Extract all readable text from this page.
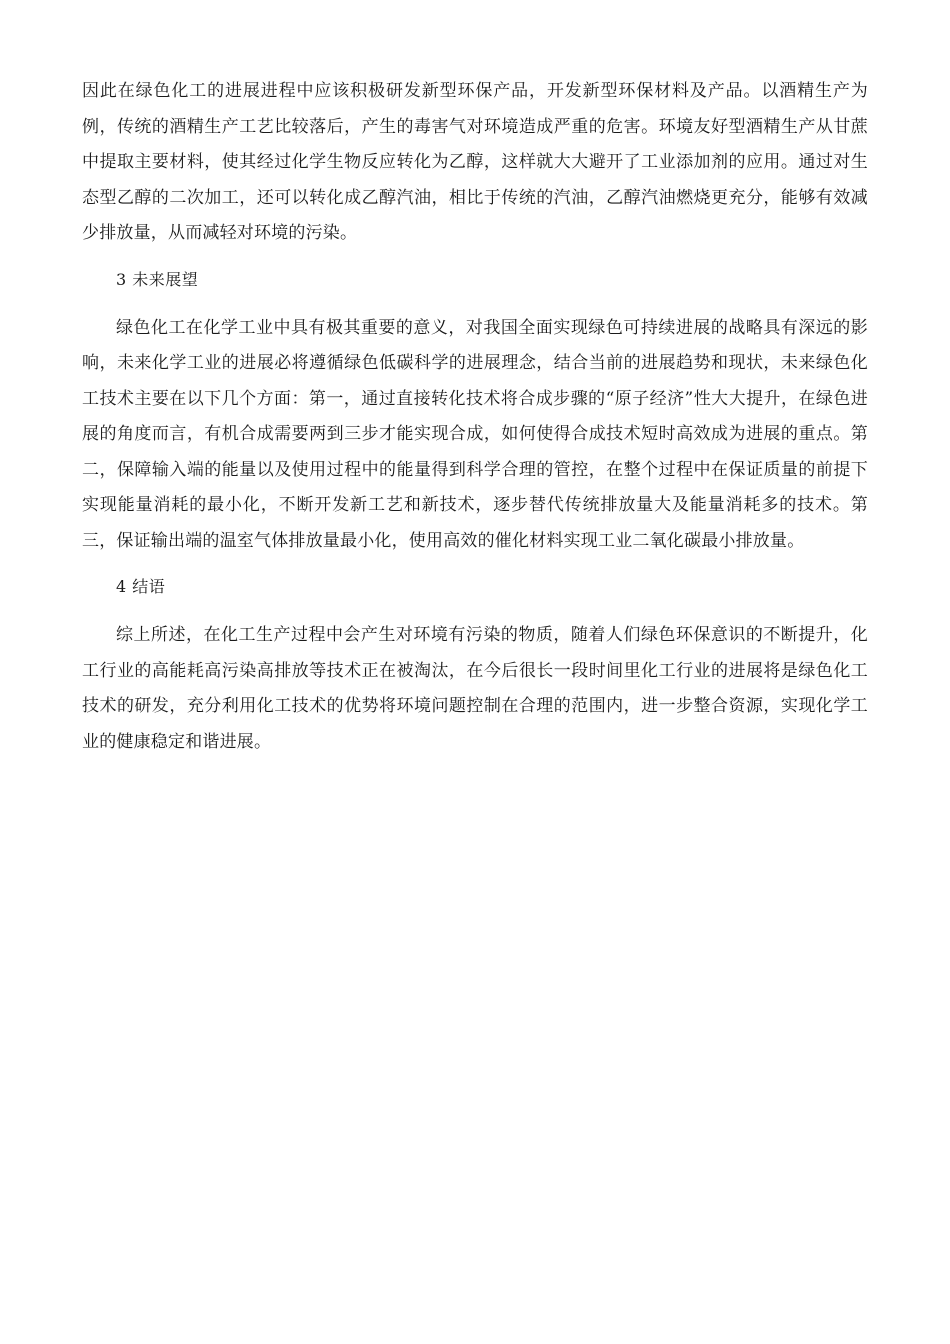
因此在绿色化工的进展进程中应该积极研发新型环保产品，开发新型环保材料及产品。以酒精生产为例，传统的酒精生产工艺比较落后，产生的毒害气对环境造成严重的危害。环境友好型酒精生产从甘蔗中提取主要材料，使其经过化学生物反应转化为乙醇，这样就大大避开了工业添加剂的应用。通过对生态型乙醇的二次加工，还可以转化成乙醇汽油，相比于传统的汽油，乙醇汽油燃烧更充分，能够有效减少排放量，从而减轻对环境的污染。

3 未来展望

绿色化工在化学工业中具有极其重要的意义，对我国全面实现绿色可持续进展的战略具有深远的影响，未来化学工业的进展必将遵循绿色低碳科学的进展理念，结合当前的进展趋势和现状，未来绿色化工技术主要在以下几个方面：第一，通过直接转化技术将合成步骤的“原子经济”性大大提升，在绿色进展的角度而言，有机合成需要两到三步才能实现合成，如何使得合成技术短时高效成为进展的重点。第二，保障输入端的能量以及使用过程中的能量得到科学合理的管控，在整个过程中在保证质量的前提下实现能量消耗的最小化，不断开发新工艺和新技术，逐步替代传统排放量大及能量消耗多的技术。第三，保证输出端的温室气体排放量最小化，使用高效的催化材料实现工业二氧化碳最小排放量。

4 结语

综上所述，在化工生产过程中会产生对环境有污染的物质，随着人们绿色环保意识的不断提升，化工行业的高能耗高污染高排放等技术正在被淘汰，在今后很长一段时间里化工行业的进展将是绿色化工技术的研发，充分利用化工技术的优势将环境问题控制在合理的范围内，进一步整合资源，实现化学工业的健康稳定和谐进展。
